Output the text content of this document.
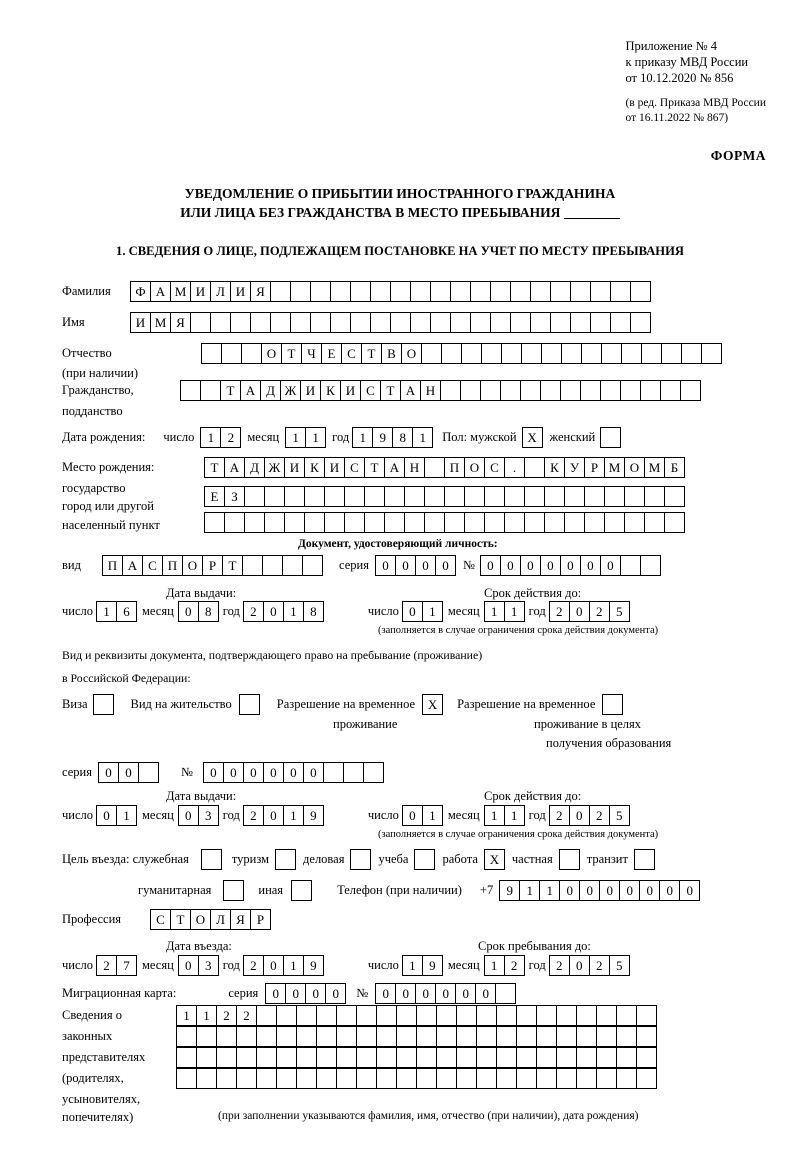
Приложение № 4
к приказу МВД России
от 10.12.2020 № 856
(в ред. Приказа МВД России
от 16.11.2022 № 867)
ФОРМА
УВЕДОМЛЕНИЕ О ПРИБЫТИИ ИНОСТРАННОГО ГРАЖДАНИНА
ИЛИ ЛИЦА БЕЗ ГРАЖДАНСТВА В МЕСТО ПРЕБЫВАНИЯ
1. СВЕДЕНИЯ О ЛИЦЕ, ПОДЛЕЖАЩЕМ ПОСТАНОВКЕ НА УЧЕТ ПО МЕСТУ ПРЕБЫВАНИЯ
Фамилия	Ф А М И Л И Я
Имя	И М Я
Отчество	О Т Ч Е С Т В О
(при наличии)
Гражданство,	Т А Д Ж И К И С Т А Н
подданство
Дата рождения: число	1	2	месяц	1	1	год 1	9	8	1	Пол: мужской X	женский
Место рождения:	Т А Д Ж И К И С Т А Н	П О С	.	К У Р М О М Б
государство
Е З
город или другой
населенный пункт
Документ, удостоверяющий личность:
вид	П А С П О Р Т	серия	0	0	0	0	№ 0	0	0	0	0	0	0
Дата выдачи:	Срок действия до:
число 1	6 месяц 0	8 год 2	0	1	8	число 0	1 месяц 1	1 год 2	0	2	5
(заполняется в случае ограничения срока действия документа)
Вид и реквизиты документа, подтверждающего право на пребывание (проживание)
в Российской Федерации:
Виза	Вид на жительство	Разрешение на временное X	Разрешение на временное
проживание	проживание в целях
получения образования
серия	0	0	№	0	0	0	0	0	0
Дата выдачи:	Срок действия до:
число 0	1 месяц 0	3 год 2	0	1	9	число 0	1 месяц 1	1 год 2	0	2	5
(заполняется в случае ограничения срока действия документа)
Цель въезда: служебная	туризм	деловая	учеба	работа X	частная	транзит
гуманитарная	иная	Телефон (при наличии) +7	9	1	1	0	0	0	0	0	0	0
Профессия	С Т О Л Я Р
Дата въезда:	Срок пребывания до:
число 2	7 месяц 0	3 год 2	0	1	9	число 1	9 месяц 1	2 год 2	0	2	5
Миграционная карта:	серия	0	0	0	0	№	0	0	0	0	0	0
Сведения о
законных
представителях
(родителях,
усыновителях,
попечителях)
1	1	2	2
(при заполнении указываются фамилия, имя, отчество (при наличии), дата рождения)
